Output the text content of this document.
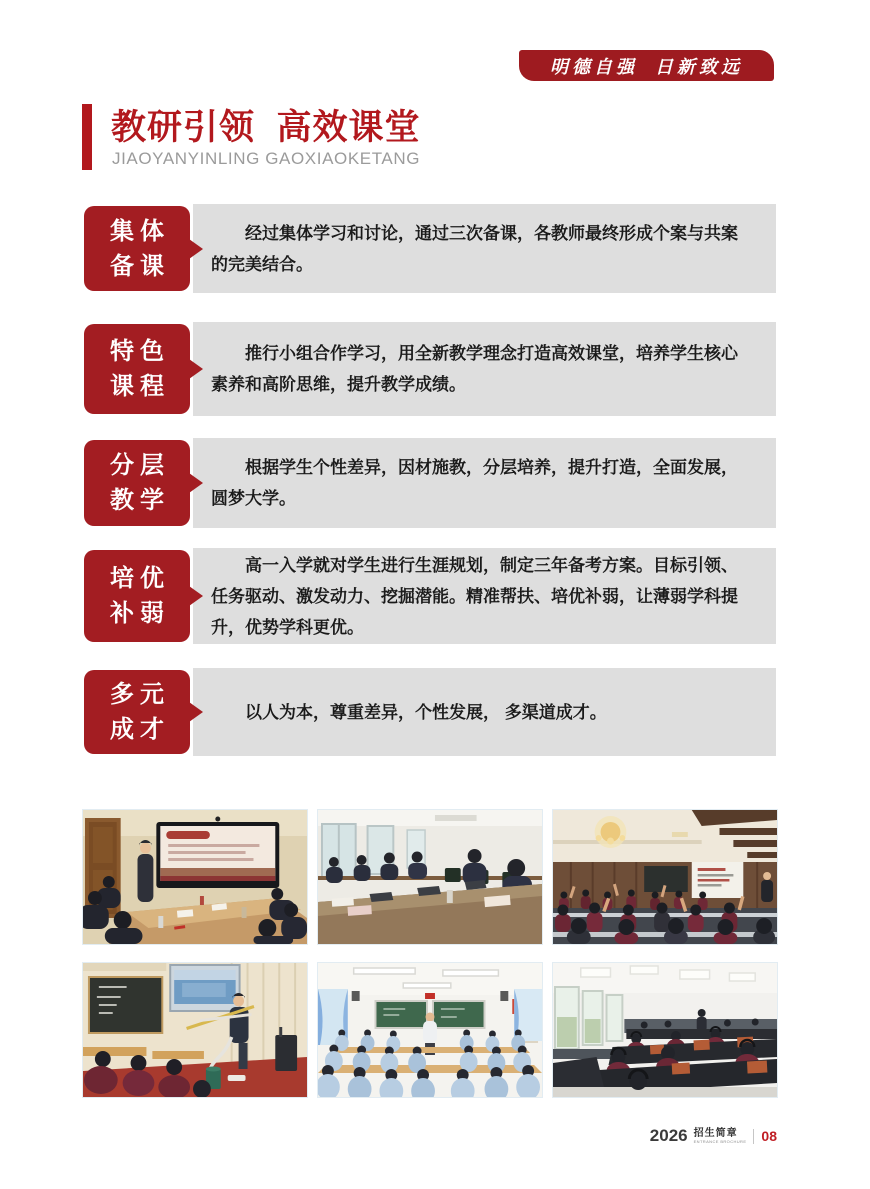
明德自强  日新致远
教研引领  高效课堂
JIAOYANYINLING GAOXIAOKETANG

经过集体学习和讨论，通过三次备课，各教师最终形成个案与共案的完美结合。

集体
备课

推行小组合作学习，用全新教学理念打造高效课堂，培养学生核心素养和高阶思维，提升教学成绩。

特色
课程

根据学生个性差异，因材施教，分层培养，提升打造，全面发展，圆梦大学。

分层
教学

高一入学就对学生进行生涯规划，制定三年备考方案。目标引领、任务驱动、激发动力、挖掘潜能。精准帮扶、培优补弱，让薄弱学科提升，优势学科更优。

培优
补弱

以人为本，尊重差异，个性发展， 多渠道成才。

多元
成才
2026 招生简章
ENTRANCE BROCHURE 08
